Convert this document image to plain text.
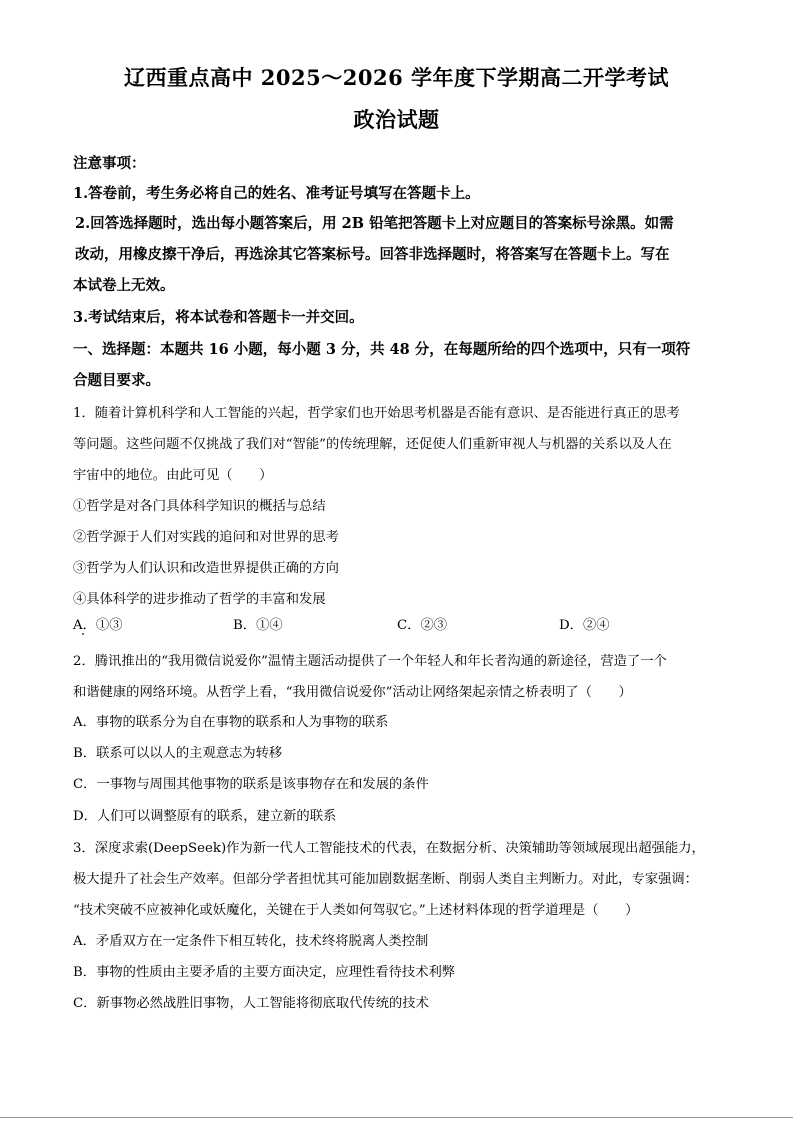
辽西重点高中 2025～2026 学年度下学期高二开学考试
政治试题
注意事项：
1.答卷前，考生务必将自己的姓名、准考证号填写在答题卡上。
2.回答选择题时，选出每小题答案后，用 2B 铅笔把答题卡上对应题目的答案标号涂黑。如需
改动，用橡皮擦干净后，再选涂其它答案标号。回答非选择题时，将答案写在答题卡上。写在
本试卷上无效。
3.考试结束后，将本试卷和答题卡一并交回。
一、选择题：本题共 16 小题，每小题 3 分，共 48 分，在每题所给的四个选项中，只有一项符
合题目要求。
1．随着计算机科学和人工智能的兴起，哲学家们也开始思考机器是否能有意识、是否能进行真正的思考
等问题。这些问题不仅挑战了我们对“智能”的传统理解，还促使人们重新审视人与机器的关系以及人在
宇宙中的地位。由此可见（　　）
①哲学是对各门具体科学知识的概括与总结
②哲学源于人们对实践的追问和对世界的思考
③哲学为人们认识和改造世界提供正确的方向
④具体科学的进步推动了哲学的丰富和发展
A．①③	B．①④	C．②③	D．②④
2．腾讯推出的“我用微信说爱你”温情主题活动提供了一个年轻人和年长者沟通的新途径，营造了一个
和谐健康的网络环境。从哲学上看，“我用微信说爱你”活动让网络架起亲情之桥表明了（　　）
A．事物的联系分为自在事物的联系和人为事物的联系
B．联系可以以人的主观意志为转移
C．一事物与周围其他事物的联系是该事物存在和发展的条件
D．人们可以调整原有的联系，建立新的联系
3．深度求索(DeepSeek)作为新一代人工智能技术的代表，在数据分析、决策辅助等领域展现出超强能力，
极大提升了社会生产效率。但部分学者担忧其可能加剧数据垄断、削弱人类自主判断力。对此，专家强调：
“技术突破不应被神化或妖魔化，关键在于人类如何驾驭它。”上述材料体现的哲学道理是（　　）
A．矛盾双方在一定条件下相互转化，技术终将脱离人类控制
B．事物的性质由主要矛盾的主要方面决定，应理性看待技术利弊
C．新事物必然战胜旧事物，人工智能将彻底取代传统的技术
